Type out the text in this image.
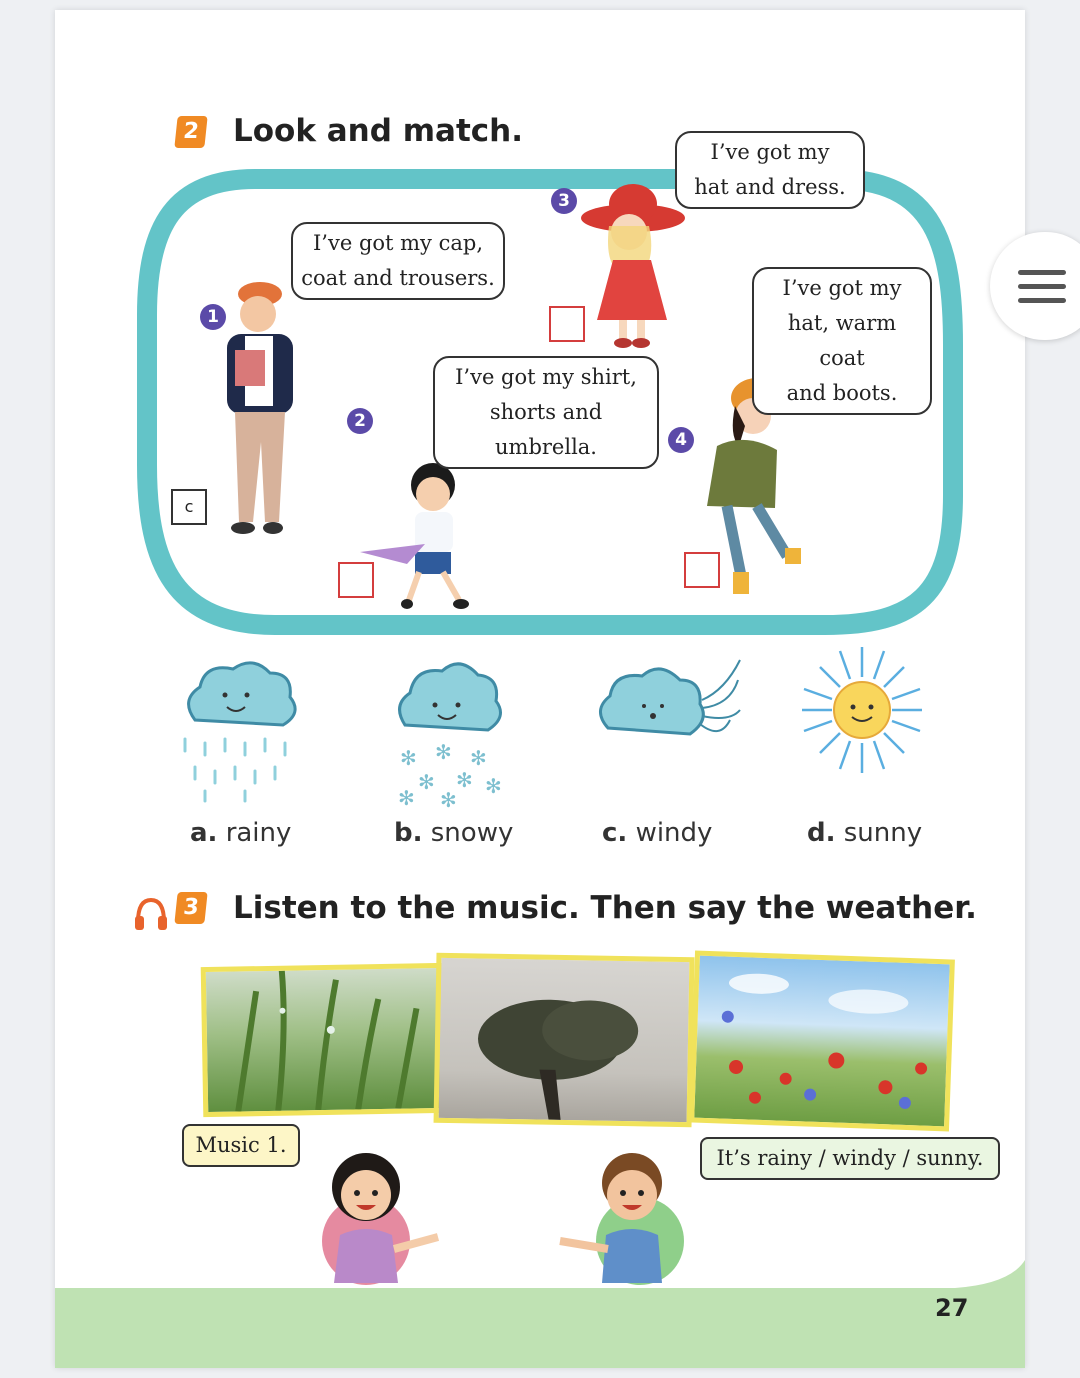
2 Look and match.
1
c
I’ve got my cap,
coat and trousers.
2
I’ve got my shirt,
shorts and umbrella.
3
I’ve got my
hat and dress.
4
I’ve got my
hat, warm coat
and boots.
✻ ✻ ✻
✻ ✻ ✻
✻ ✻
a. rainy	b. snowy	c. windy	d. sunny
3 Listen to the music. Then say the weather.
Music 1.
It’s rainy / windy / sunny.
27
